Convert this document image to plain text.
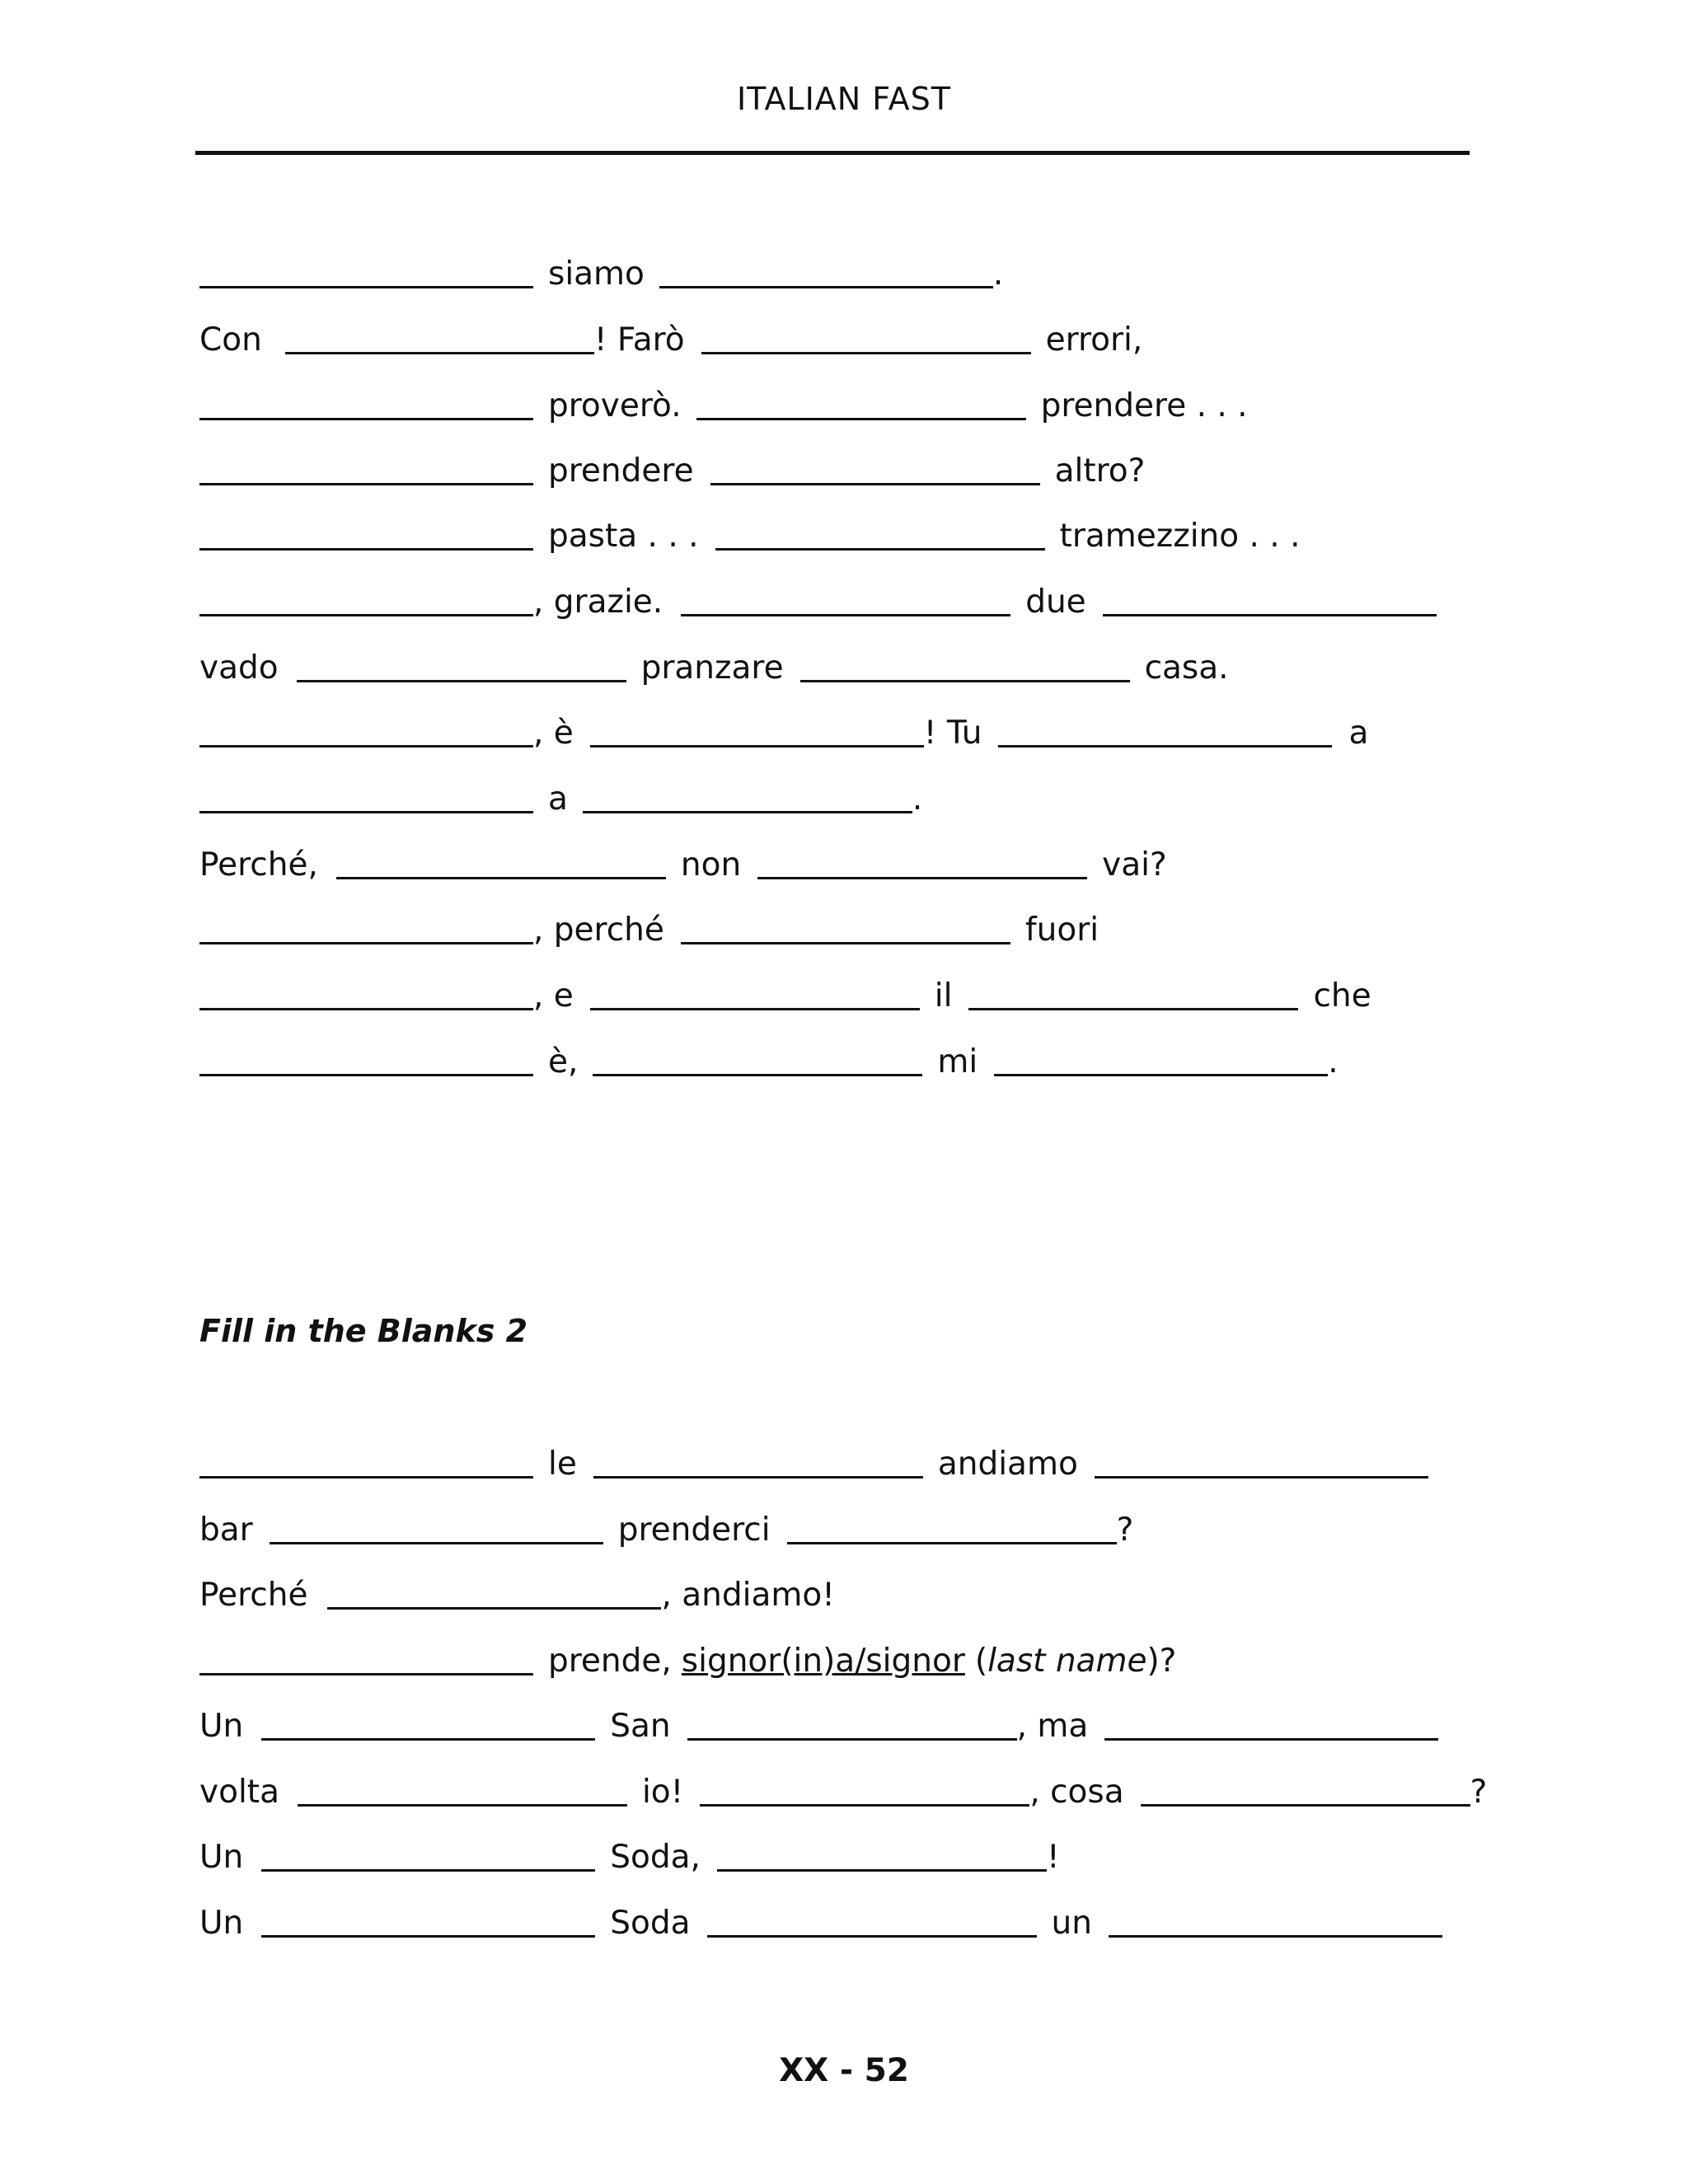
ITALIAN FAST
siamo	.
Con	! Farò	errori,
proverò.	prendere . . .
prendere	altro?
pasta . . .	tramezzino . . .
, grazie.	due
vado	pranzare	casa.
, è	! Tu	a
a	.
Perché,	non	vai?
, perché	fuori
, e	il	che
è,	mi	.
Fill in the Blanks 2
le	andiamo
bar	prenderci	?
Perché	, andiamo!
prende, signor(in)a/signor ( last name )?
Un	San	, ma
volta	io!	, cosa	?
Un	Soda,	!
Un	Soda	un
XX - 52
